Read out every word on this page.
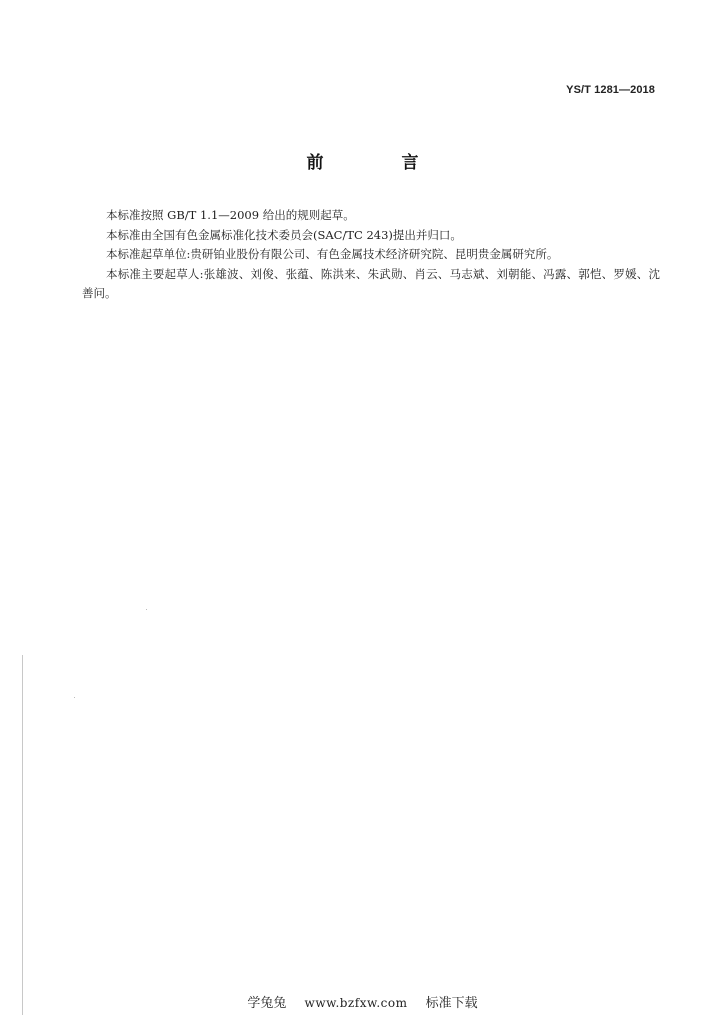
YS/T 1281—2018
前 言

本标准按照 GB/T 1.1—2009 给出的规则起草。

本标准由全国有色金属标准化技术委员会(SAC/TC 243)提出并归口。

本标准起草单位:贵研铂业股份有限公司、有色金属技术经济研究院、昆明贵金属研究所。

本标准主要起草人:张雄波、刘俊、张蕴、陈洪来、朱武勋、肖云、马志斌、刘朝能、冯露、郭恺、罗媛、沈善问。

学兔兔 www.bzfxw.com 标准下载
